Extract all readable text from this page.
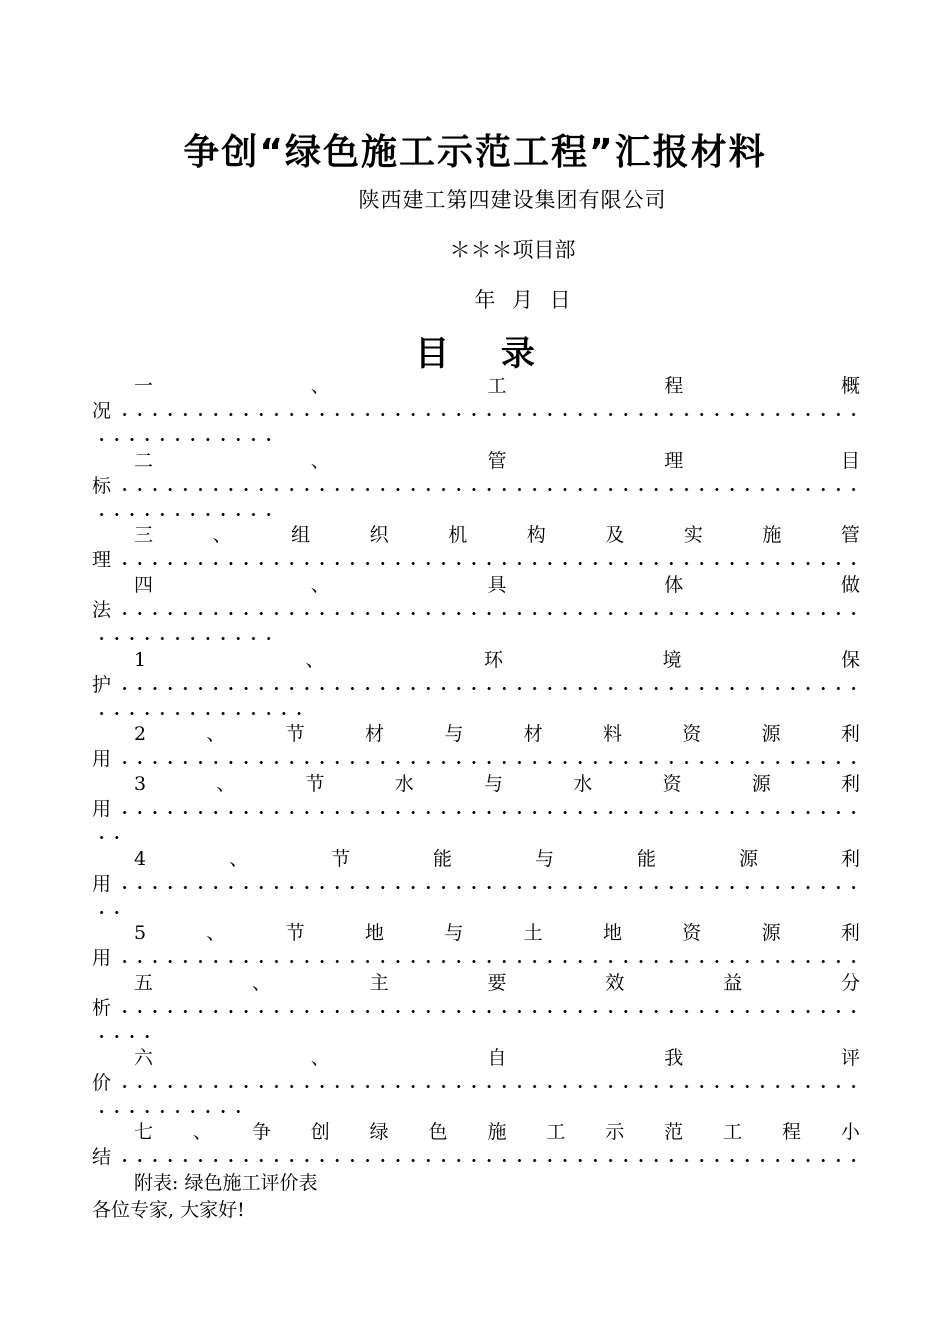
争创“绿色施工示范工程”汇报材料
陕西建工第四建设集团有限公司
＊＊＊项目部
年 月 日
目 录
一	、	工	程	概
况
二	、	管	理	目
标
三	、	组	织	机	构	及	实	施	管
理
四	、	具	体	做
法
1	、	环	境	保
护
2	、	节	材	与	材	料	资	源	利
用
3	、	节	水	与	水	资	源	利
用
4	、	节	能	与	能	源	利
用
5	、	节	地	与	土	地	资	源	利
用
五	、	主	要	效	益	分
析
六	、	自	我	评
价
七 、 争 创 绿 色 施 工 示 范 工 程 小
结
附表: 绿色施工评价表
各位专家, 大家好!
